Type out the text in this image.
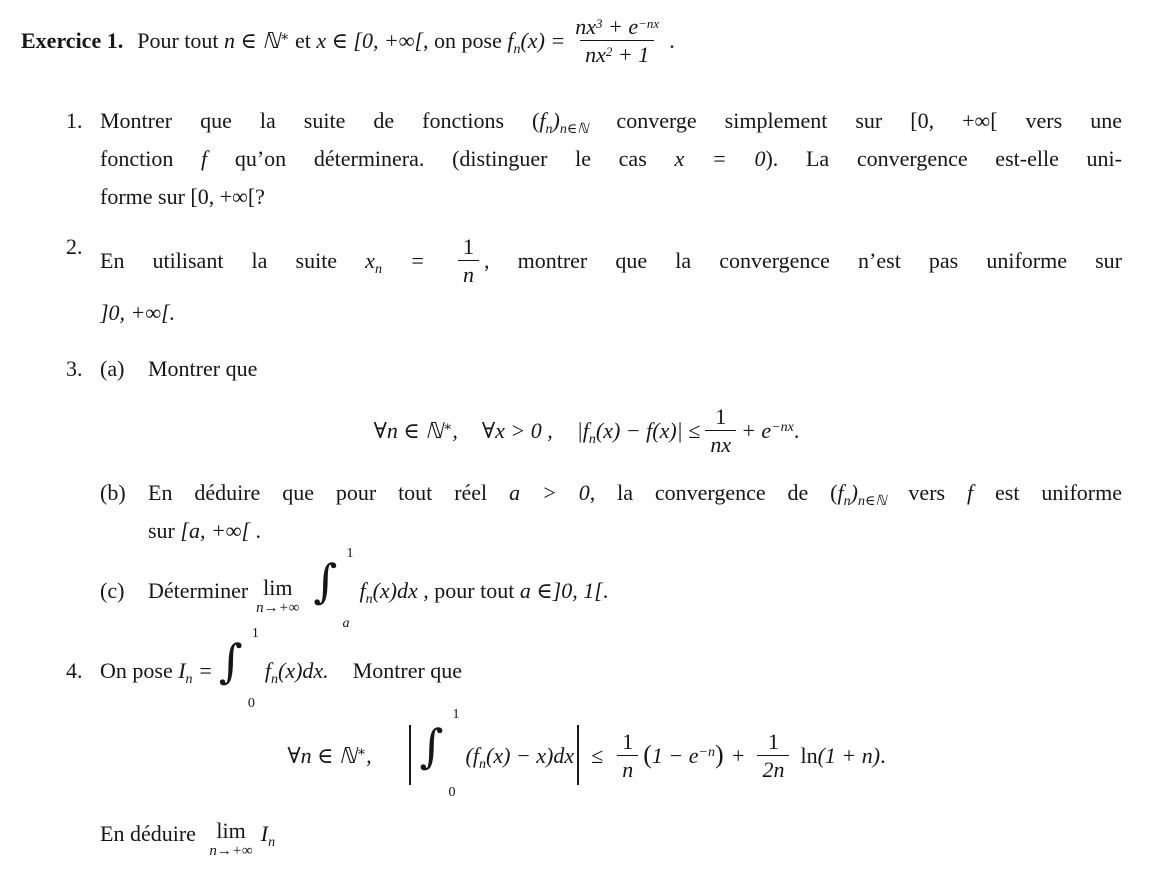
Exercice 1. Pour tout n ∈ ℕ∗ et x ∈ [0, +∞[, on pose $f_n(x) = \frac{nx^3 + e^{-nx}}{nx^2 + 1}$ .
1. Montrer que la suite de fonctions $(f_n)_{n\in ℕ}$ converge simplement sur [0, +∞[ vers une
fonction f qu’on déterminera. (distinguer le cas x = 0). La convergence est-elle uni-
forme sur [0, +∞[?
2.
En utilisant la suite $x_n = \frac{1}{n}$ , montrer que la convergence n’est pas uniforme sur
]0, +∞[.
3. (a) Montrer que
∀n ∈ ℕ∗, ∀x > 0 , $|f_n(x) - f(x)| \le \frac{1}{nx} + e^{-nx}$.
(b) En déduire que pour tout réel a > 0, la convergence de $(f_n)_{n\in ℕ}$ vers f est uniforme
sur [a, +∞[ .
(c) Déterminer lim
n→+∞ ∫
1
a
$f_n(x)dx$ , pour tout a ∈]0, 1[.
4. On pose $I_n$ = ∫
1
0
$f_n(x)dx$. Montrer que
∀n ∈ ℕ∗, ∫
1
0
$(f_n(x) - x)dx \le \frac{1}{n} (1 - e^{-n}) + \frac{1}{2n} \ln(1 + n)$.
En déduire lim
n→+∞
$I_n$
